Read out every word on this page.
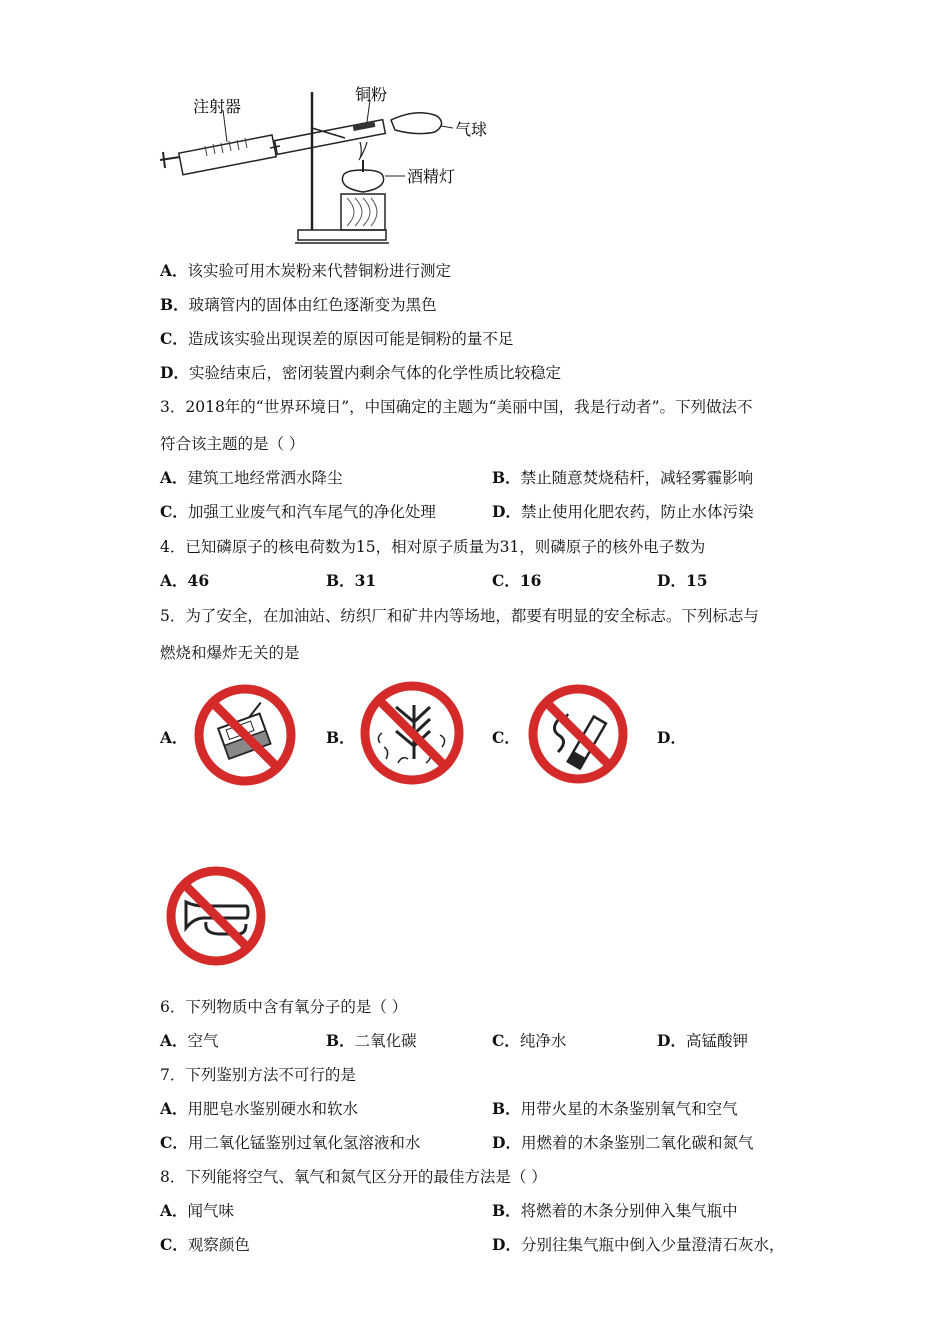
注射器
铜粉
气球
酒精灯
A．该实验可用木炭粉来代替铜粉进行测定
B．玻璃管内的固体由红色逐渐变为黑色
C．造成该实验出现误差的原因可能是铜粉的量不足
D．实验结束后，密闭装置内剩余气体的化学性质比较稳定
3．2018年的“世界环境日”，中国确定的主题为“美丽中国，我是行动者”。下列做法不
符合该主题的是（ ）
A．建筑工地经常洒水降尘	B．禁止随意焚烧秸杆，减轻雾霾影响
C．加强工业废气和汽车尾气的净化处理	D．禁止使用化肥农药，防止水体污染
4．已知磷原子的核电荷数为15，相对原子质量为31，则磷原子的核外电子数为
A．46	B．31	C．16	D．15
5．为了安全，在加油站、纺织厂和矿井内等场地，都要有明显的安全标志。下列标志与
燃烧和爆炸无关的是
A．	B．	C．	D．
6．下列物质中含有氧分子的是（ ）
A．空气	B．二氧化碳	C．纯净水	D．高锰酸钾
7．下列鉴别方法不可行的是
A．用肥皂水鉴别硬水和软水	B．用带火星的木条鉴别氧气和空气
C．用二氧化锰鉴别过氧化氢溶液和水	D．用燃着的木条鉴别二氧化碳和氮气
8．下列能将空气、氧气和氮气区分开的最佳方法是（ ）
A．闻气味	B．将燃着的木条分别伸入集气瓶中
C．观察颜色	D．分别往集气瓶中倒入少量澄清石灰水，
